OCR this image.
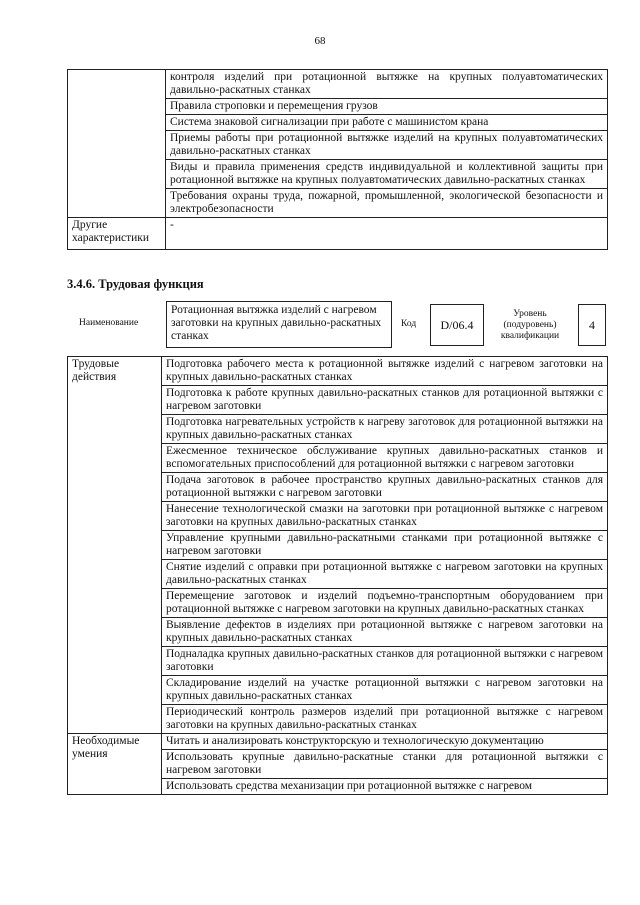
68
	контроля изделий при ротационной вытяжке на крупных полуавтоматических давильно-раскатных станках
	Правила строповки и перемещения грузов
	Система знаковой сигнализации при работе с машинистом крана
	Приемы работы при ротационной вытяжке изделий на крупных полуавтоматических давильно-раскатных станках
	Виды и правила применения средств индивидуальной и коллективной защиты при ротационной вытяжке на крупных полуавтоматических давильно-раскатных станках
	Требования охраны труда, пожарной, промышленной, экологической безопасности и электробезопасности
Другие характеристики	-
3.4.6. Трудовая функция
Наименование
Ротационная вытяжка изделий с нагревом заготовки на крупных давильно-раскатных станках
Код	D/06.4
Уровень (подуровень) квалификации
4
Трудовые действия	Подготовка рабочего места к ротационной вытяжке изделий с нагревом заготовки на крупных давильно-раскатных станках
	Подготовка к работе крупных давильно-раскатных станков для ротационной вытяжки с нагревом заготовки
	Подготовка нагревательных устройств к нагреву заготовок для ротационной вытяжки на крупных давильно-раскатных станках
	Ежесменное техническое обслуживание крупных давильно-раскатных станков и вспомогательных приспособлений для ротационной вытяжки с нагревом заготовки
	Подача заготовок в рабочее пространство крупных давильно-раскатных станков для ротационной вытяжки с нагревом заготовки
	Нанесение технологической смазки на заготовки при ротационной вытяжке с нагревом заготовки на крупных давильно-раскатных станках
	Управление крупными давильно-раскатными станками при ротационной вытяжке с нагревом заготовки
	Снятие изделий с оправки при ротационной вытяжке с нагревом заготовки на крупных давильно-раскатных станках
	Перемещение заготовок и изделий подъемно-транспортным оборудованием при ротационной вытяжке с нагревом заготовки на крупных давильно-раскатных станках
	Выявление дефектов в изделиях при ротационной вытяжке с нагревом заготовки на крупных давильно-раскатных станках
	Подналадка крупных давильно-раскатных станков для ротационной вытяжки с нагревом заготовки
	Складирование изделий на участке ротационной вытяжки с нагревом заготовки на крупных давильно-раскатных станках
	Периодический контроль размеров изделий при ротационной вытяжке с нагревом заготовки на крупных давильно-раскатных станках
Необходимые умения	Читать и анализировать конструкторскую и технологическую документацию
	Использовать крупные давильно-раскатные станки для ротационной вытяжки с нагревом заготовки
	Использовать средства механизации при ротационной вытяжке с нагревом
